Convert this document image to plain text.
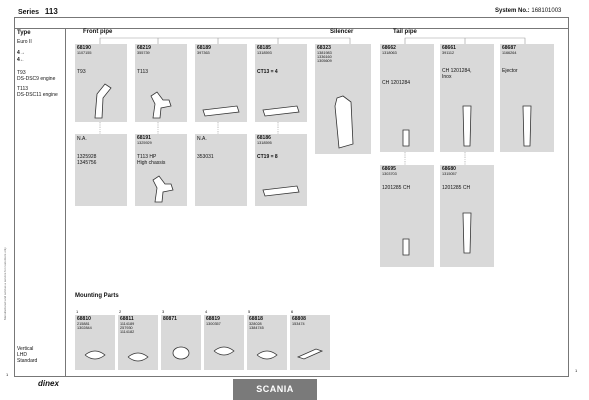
Series 113	System No.: 168101003
Manufactured and sold as a service for customers only
Type
Euro II
4→
4←
T93
DS-DSC9 engine
T113
DS-DSC11 engine
Vertical
LHD
Standard
Front pipe	Silencer	Tail pipe
68190
1107155
T93
68219
355739
T113
68189
397363
68185
1318593
CT13 = 4
68323
1381983
1336160
1305609
68662
1318063
CH 1201284
68661
391112
CH 1201284,
Inox
68687
1166264
Ejector
N.A.

1325928
1345756
68191
1325929
T113 HP
High chassis
N.A.

353031
68186
1318595
CT19 = 8
68695
1303703
1201285 CH
68680
1315057
1201285 CH
Mounting Parts
1
68810
215881
1302844
2
68811
1114189
257930
1114182
3
80871
4
68819
1300357
5
68818
328028
1384745
6
68808
153474
1
1
dinex
SCANIA
